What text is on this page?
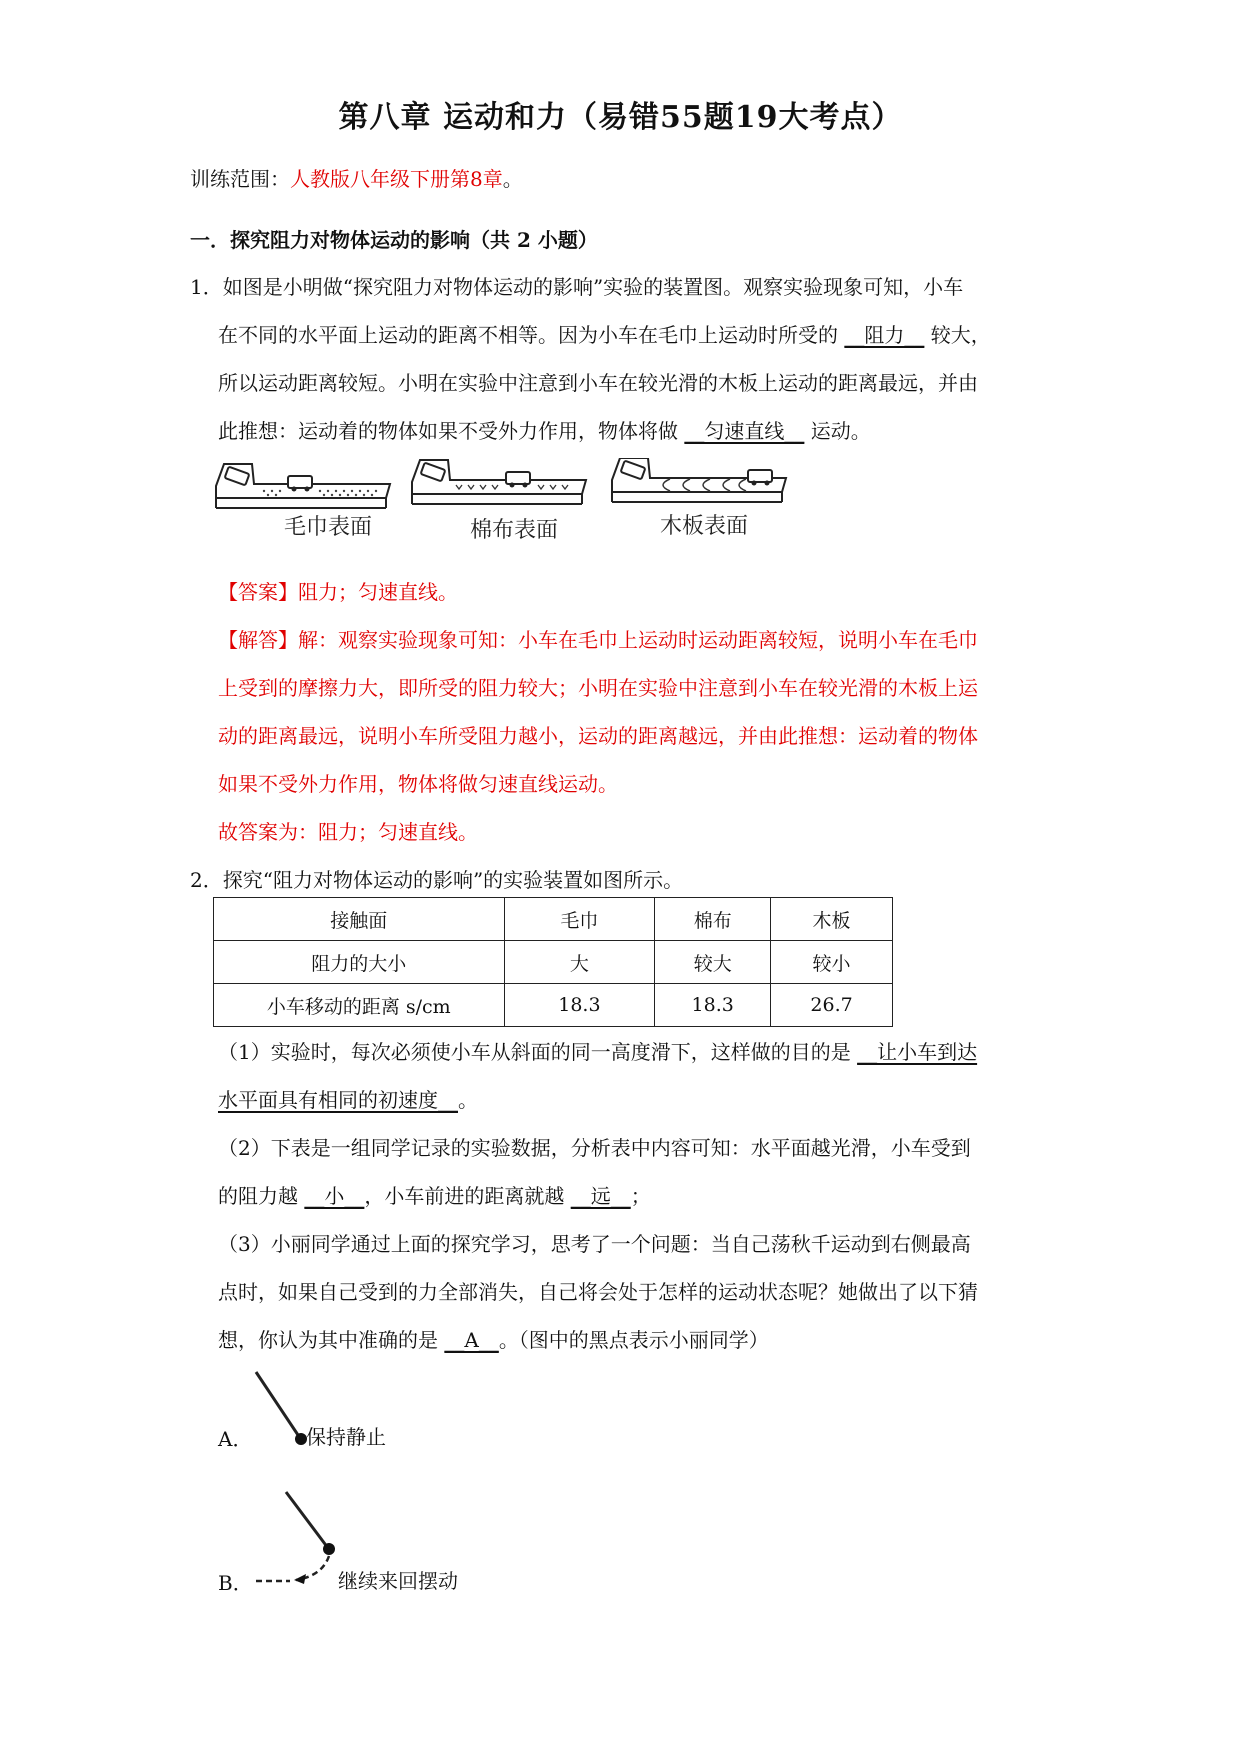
第八章 运动和力（易错55题19大考点）
训练范围：人教版八年级下册第8章。
一．探究阻力对物体运动的影响（共 2 小题）
1．如图是小明做“探究阻力对物体运动的影响”实验的装置图。观察实验现象可知，小车
在不同的水平面上运动的距离不相等。因为小车在毛巾上运动时所受的 __阻力__ 较大，
所以运动距离较短。小明在实验中注意到小车在较光滑的木板上运动的距离最远，并由
此推想：运动着的物体如果不受外力作用，物体将做 __匀速直线__ 运动。
毛巾表面	棉布表面	木板表面
【答案】阻力；匀速直线。
【解答】解：观察实验现象可知：小车在毛巾上运动时运动距离较短，说明小车在毛巾
上受到的摩擦力大，即所受的阻力较大；小明在实验中注意到小车在较光滑的木板上运
动的距离最远，说明小车所受阻力越小，运动的距离越远，并由此推想：运动着的物体
如果不受外力作用，物体将做匀速直线运动。
故答案为：阻力；匀速直线。
2．探究“阻力对物体运动的影响”的实验装置如图所示。
接触面	毛巾	棉布	木板
阻力的大小	大	较大	较小
小车移动的距离 s/cm	18.3	18.3	26.7
（1）实验时，每次必须使小车从斜面的同一高度滑下，这样做的目的是 __让小车到达
水平面具有相同的初速度__。
（2）下表是一组同学记录的实验数据，分析表中内容可知：水平面越光滑，小车受到
的阻力越 __小__，小车前进的距离就越 __远__；
（3）小丽同学通过上面的探究学习，思考了一个问题：当自己荡秋千运动到右侧最高
点时，如果自己受到的力全部消失，自己将会处于怎样的运动状态呢？她做出了以下猜
想，你认为其中准确的是 __A__。（图中的黑点表示小丽同学）
A．	保持静止
B．	继续来回摆动
